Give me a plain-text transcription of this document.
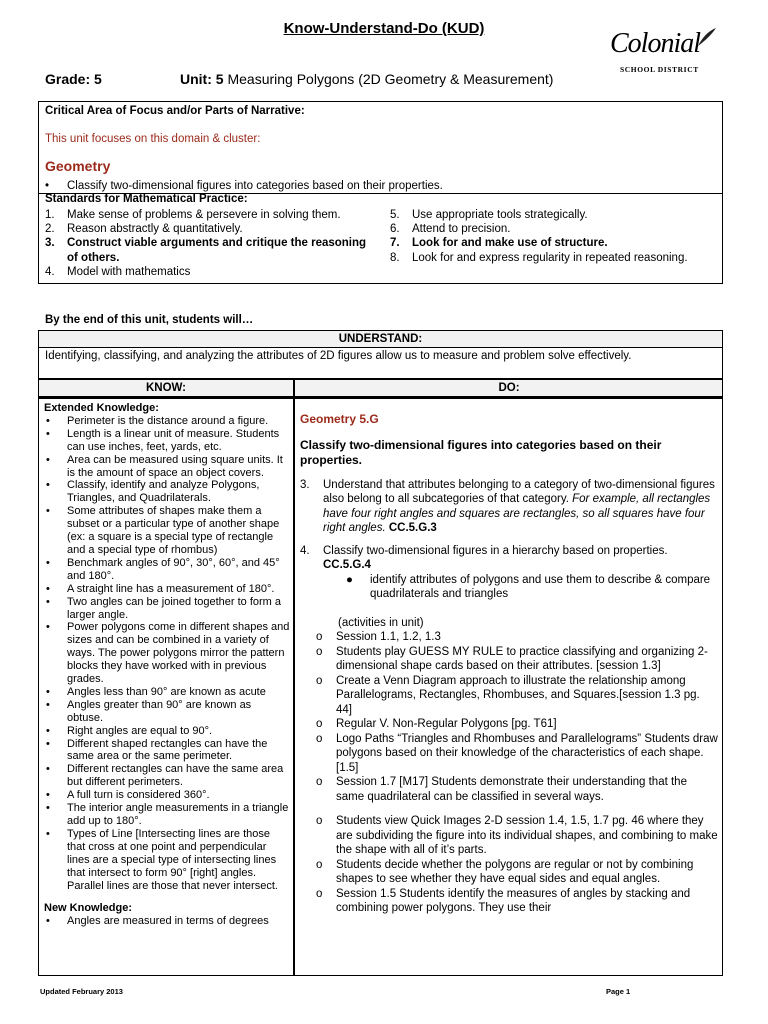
Know-Understand-Do (KUD)	Colonial
SCHOOL DISTRICT
Grade: 5	Unit: 5 Measuring Polygons (2D Geometry & Measurement)
Critical Area of Focus and/or Parts of Narrative:
This unit focuses on this domain & cluster:
Geometry
• Classify two-dimensional figures into categories based on their properties.
Standards for Mathematical Practice:
1. Make sense of problems & persevere in solving them.
2. Reason abstractly & quantitatively.
3. Construct viable arguments and critique the reasoning of others.
4. Model with mathematics
5. Use appropriate tools strategically.
6. Attend to precision.
7. Look for and make use of structure.
8. Look for and express regularity in repeated reasoning.
By the end of this unit, students will…
UNDERSTAND:
Identifying, classifying, and analyzing the attributes of 2D figures allow us to measure and problem solve effectively.
KNOW:	DO:
Extended Knowledge:
• Perimeter is the distance around a figure.
• Length is a linear unit of measure. Students can use inches, feet, yards, etc.
• Area can be measured using square units. It is the amount of space an object covers.
• Classify, identify and analyze Polygons, Triangles, and Quadrilaterals.
• Some attributes of shapes make them a subset or a particular type of another shape (ex: a square is a special type of rectangle and a special type of rhombus)
• Benchmark angles of 90°, 30°, 60°, and 45° and 180°.
• A straight line has a measurement of 180°.
• Two angles can be joined together to form a larger angle.
• Power polygons come in different shapes and sizes and can be combined in a variety of ways. The power polygons mirror the pattern blocks they have worked with in previous grades.
• Angles less than 90° are known as acute
• Angles greater than 90° are known as obtuse.
• Right angles are equal to 90°.
• Different shaped rectangles can have the same area or the same perimeter.
• Different rectangles can have the same area but different perimeters.
• A full turn is considered 360°.
• The interior angle measurements in a triangle add up to 180°.
• Types of Line [Intersecting lines are those that cross at one point and perpendicular lines are a special type of intersecting lines that intersect to form 90° [right] angles. Parallel lines are those that never intersect.
New Knowledge:
• Angles are measured in terms of degrees
Geometry 5.G
Classify two-dimensional figures into categories based on their properties.
3. Understand that attributes belonging to a category of two-dimensional figures also belong to all subcategories of that category. For example, all rectangles have four right angles and squares are rectangles, so all squares have four right angles. CC.5.G.3
4. Classify two-dimensional figures in a hierarchy based on properties.
CC.5.G.4
● identify attributes of polygons and use them to describe & compare quadrilaterals and triangles
(activities in unit)
o Session 1.1, 1.2, 1.3
o Students play GUESS MY RULE to practice classifying and organizing 2-dimensional shape cards based on their attributes. [session 1.3]
o Create a Venn Diagram approach to illustrate the relationship among Parallelograms, Rectangles, Rhombuses, and Squares.[session 1.3 pg. 44]
o Regular V. Non-Regular Polygons [pg. T61]
o Logo Paths “Triangles and Rhombuses and Parallelograms” Students draw polygons based on their knowledge of the characteristics of each shape. [1.5]
o Session 1.7 [M17] Students demonstrate their understanding that the same quadrilateral can be classified in several ways.
o Students view Quick Images 2-D session 1.4, 1.5, 1.7 pg. 46 where they are subdividing the figure into its individual shapes, and combining to make the shape with all of it’s parts.
o Students decide whether the polygons are regular or not by combining shapes to see whether they have equal sides and equal angles.
o Session 1.5 Students identify the measures of angles by stacking and combining power polygons. They use their
Updated February 2013	Page 1
